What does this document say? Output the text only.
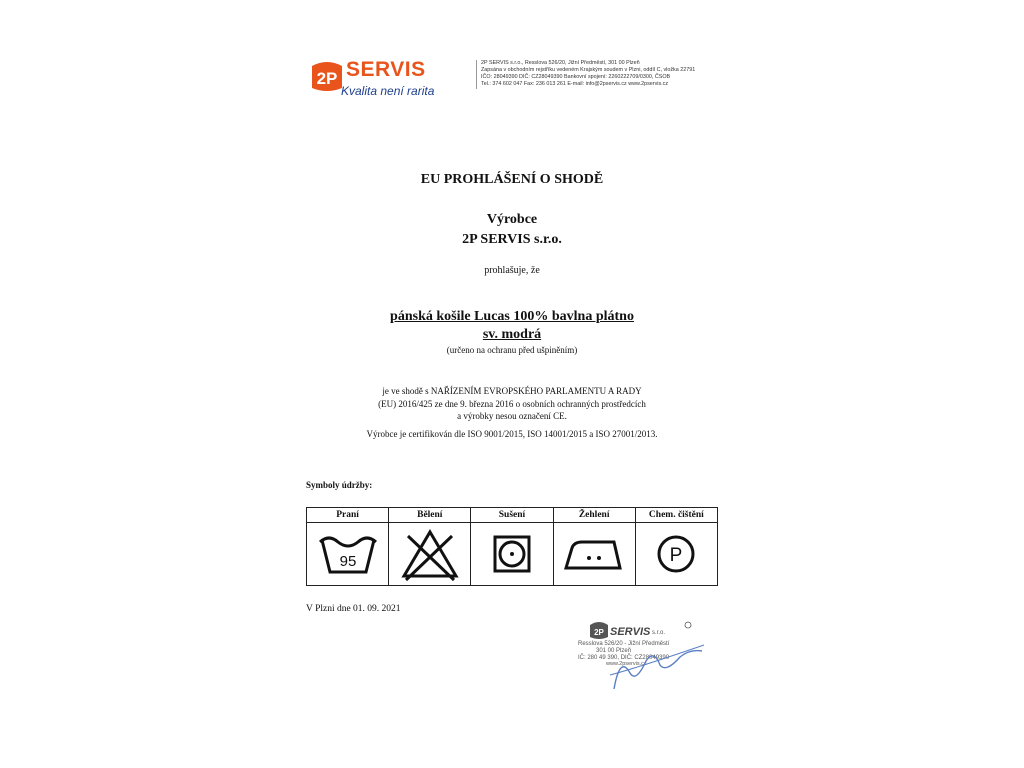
2P SERVIS
Kvalita není rarita
2P SERVIS s.r.o., Resslova 526/20, Jižní Předměstí, 301 00 Plzeň
Zapsána v obchodním rejstříku vedeném Krajským soudem v Plzni, oddíl C, vložka 22791
IČO: 28049390 DIČ: CZ28049390 Bankovní spojení: 2260222709/0300, ČSOB
Tel.: 374 602 047 Fax: 236 013 261 E-mail: info@2pservis.cz www.2pservis.cz
EU PROHLÁŠENÍ O SHODĚ
Výrobce
2P SERVIS s.r.o.
prohlašuje, že
pánská košile Lucas 100% bavlna plátno
sv. modrá
(určeno na ochranu před ušpiněním)
je ve shodě s NAŘÍZENÍM EVROPSKÉHO PARLAMENTU A RADY
(EU) 2016/425 ze dne 9. března 2016 o osobních ochranných prostředcích
a výrobky nesou označení CE.
Výrobce je certifikován dle ISO 9001/2015, ISO 14001/2015 a ISO 27001/2013.
Symboly údržby:
Praní	Bělení	Sušení	Žehlení	Chem. čištění

95				P
V Plzni dne 01. 09. 2021
2P SERVIS s.r.o.
Resslova 526/20 - Jižní Předměstí
301 00 Plzeň
IČ: 280 49 390, DIČ: CZ28049390
www.2pservis.cz
